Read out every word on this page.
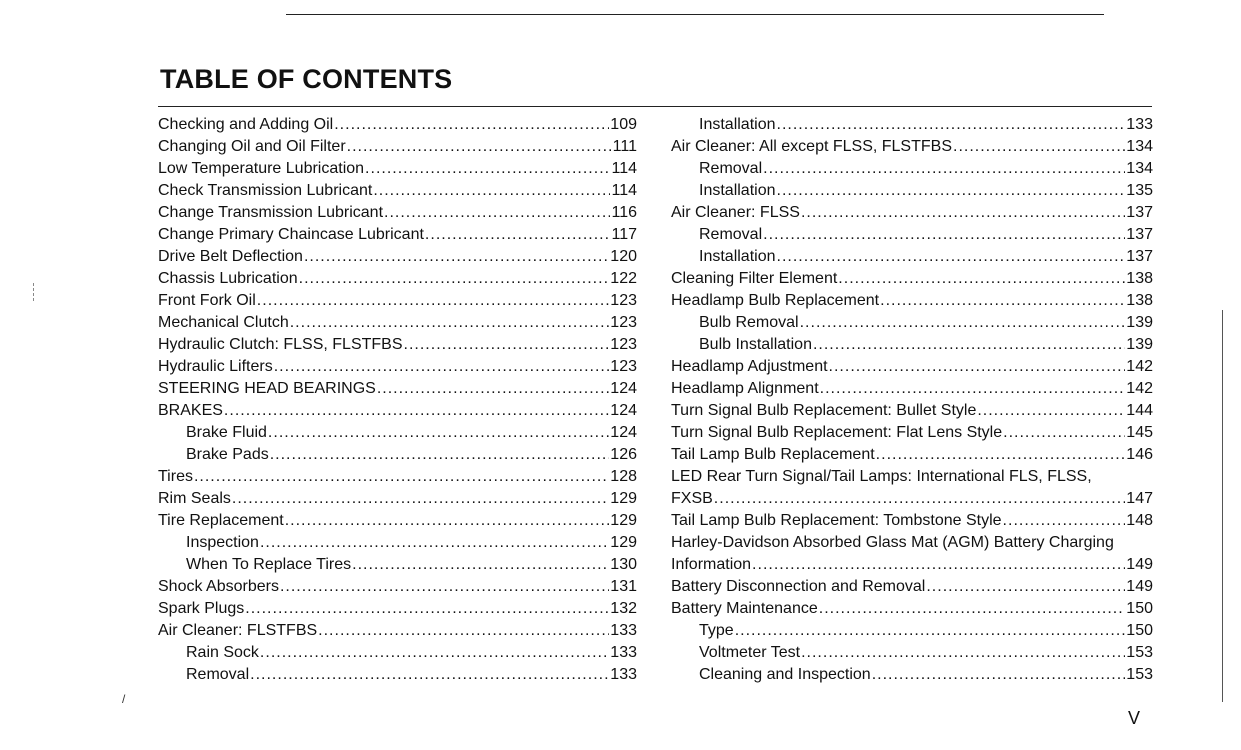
TABLE OF CONTENTS
Checking and Adding Oil .....	109
Changing Oil and Oil Filter .....	111
Low Temperature Lubrication .....	114
Check Transmission Lubricant .....	114
Change Transmission Lubricant .....	116
Change Primary Chaincase Lubricant .....	117
Drive Belt Deflection .....	120
Chassis Lubrication .....	122
Front Fork Oil .....	123
Mechanical Clutch .....	123
Hydraulic Clutch: FLSS, FLSTFBS .....	123
Hydraulic Lifters .....	123
STEERING HEAD BEARINGS .....	124
BRAKES .....	124
Brake Fluid .....	124
Brake Pads .....	126
Tires .....	128
Rim Seals .....	129
Tire Replacement .....	129
Inspection .....	129
When To Replace Tires .....	130
Shock Absorbers .....	131
Spark Plugs .....	132
Air Cleaner: FLSTFBS .....	133
Rain Sock .....	133
Removal .....	133
Installation .....	133
Air Cleaner: All except FLSS, FLSTFBS .....	134
Removal .....	134
Installation .....	135
Air Cleaner: FLSS .....	137
Removal .....	137
Installation .....	137
Cleaning Filter Element .....	138
Headlamp Bulb Replacement .....	138
Bulb Removal .....	139
Bulb Installation .....	139
Headlamp Adjustment .....	142
Headlamp Alignment .....	142
Turn Signal Bulb Replacement: Bullet Style .....	144
Turn Signal Bulb Replacement: Flat Lens Style .....	145
Tail Lamp Bulb Replacement .....	146
LED Rear Turn Signal/Tail Lamps: International FLS, FLSS,
FXSB .....	147
Tail Lamp Bulb Replacement: Tombstone Style .....	148
Harley-Davidson Absorbed Glass Mat (AGM) Battery Charging
Information .....	149
Battery Disconnection and Removal .....	149
Battery Maintenance .....	150
Type .....	150
Voltmeter Test .....	153
Cleaning and Inspection .....	153
/
V
